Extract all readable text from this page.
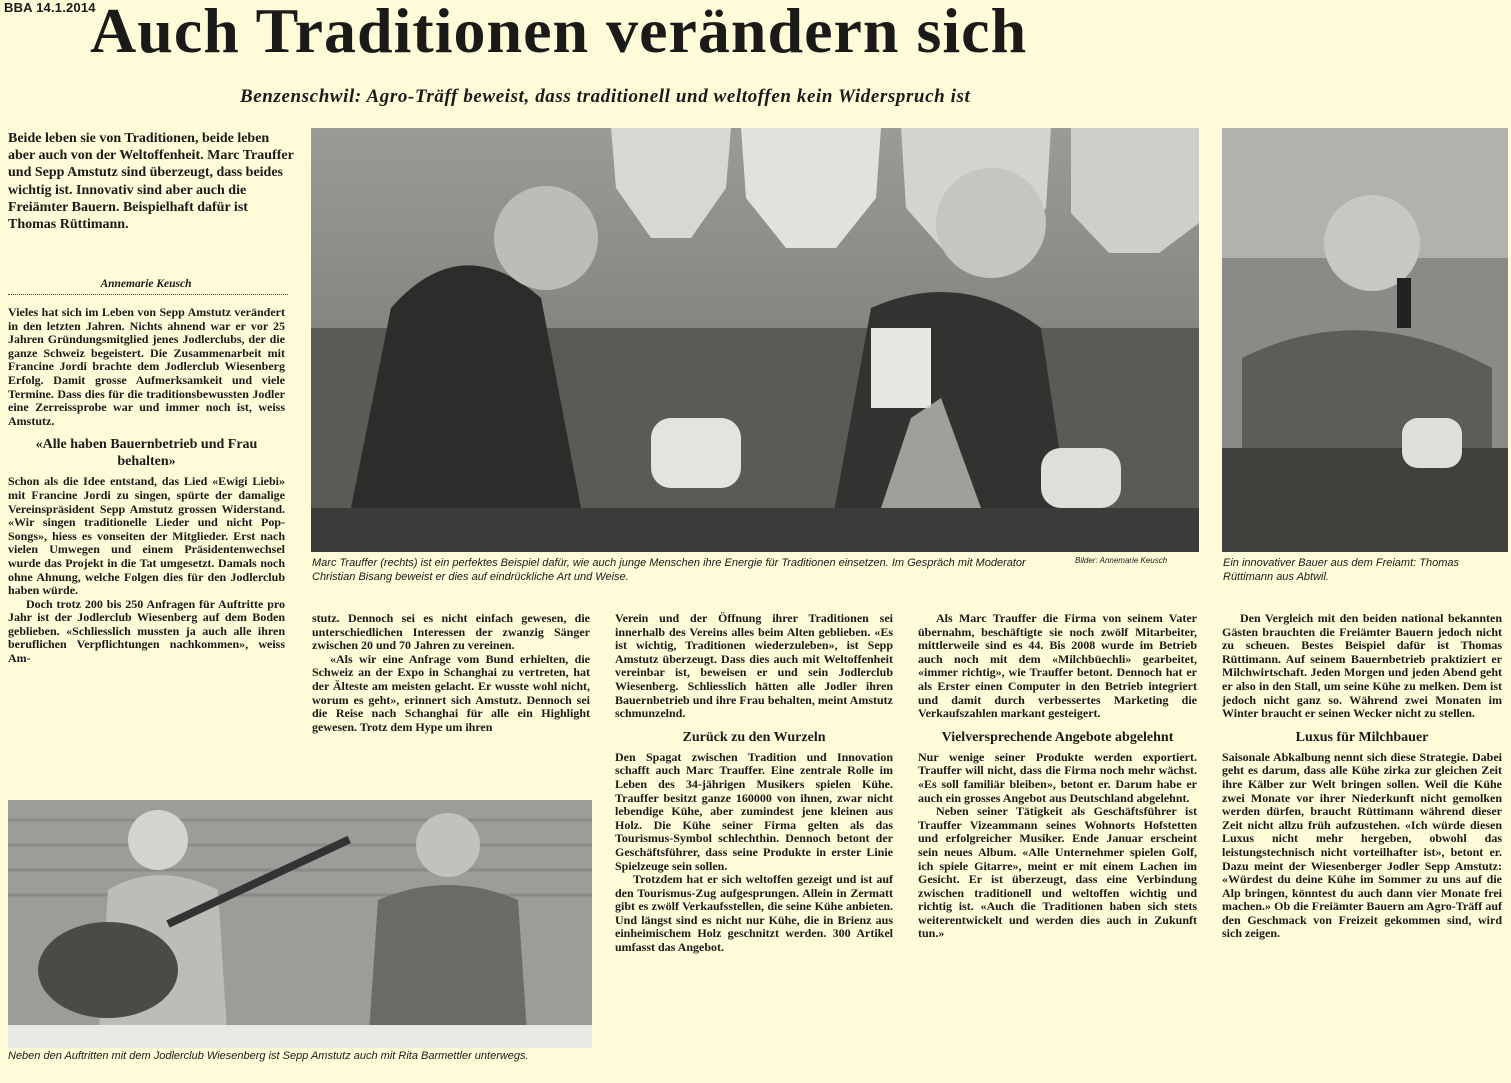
BBA 14.1.2014
Auch Traditionen verändern sich
Benzenschwil: Agro-Träff beweist, dass traditionell und weltoffen kein Widerspruch ist
Beide leben sie von Traditionen, beide leben aber auch von der Weltoffenheit. Marc Trauffer und Sepp Amstutz sind überzeugt, dass beides wichtig ist. Innovativ sind aber auch die Freiämter Bauern. Beispielhaft dafür ist Thomas Rüttimann.
Annemarie Keusch

Vieles hat sich im Leben von Sepp Amstutz verändert in den letzten Jahren. Nichts ahnend war er vor 25 Jahren Gründungsmitglied jenes Jodlerclubs, der die ganze Schweiz begeistert. Die Zusammenarbeit mit Francine Jordi brachte dem Jodlerclub Wiesenberg Erfolg. Damit grosse Aufmerksamkeit und viele Termine. Dass dies für die traditionsbewussten Jodler eine Zerreissprobe war und immer noch ist, weiss Amstutz.

«Alle haben Bauernbetrieb und Frau behalten»

Schon als die Idee entstand, das Lied «Ewigi Liebi» mit Francine Jordi zu singen, spürte der damalige Vereinspräsident Sepp Amstutz grossen Widerstand. «Wir singen traditionelle Lieder und nicht Pop-Songs», hiess es vonseiten der Mitglieder. Erst nach vielen Umwegen und einem Präsidentenwechsel wurde das Projekt in die Tat umgesetzt. Damals noch ohne Ahnung, welche Folgen dies für den Jodlerclub haben würde.

Doch trotz 200 bis 250 Anfragen für Auftritte pro Jahr ist der Jodlerclub Wiesenberg auf dem Boden geblieben. «Schliesslich mussten ja auch alle ihren beruflichen Verpflichtungen nachkommen», weiss Am-

Marc Trauffer (rechts) ist ein perfektes Beispiel dafür, wie auch junge Menschen ihre Energie für Traditionen einsetzen. Im Gespräch mit Moderator Christian Bisang beweist er dies auf eindrückliche Art und Weise.
Bilder: Annemarie Keusch	Ein innovativer Bauer aus dem Freiamt: Thomas Rüttimann aus Abtwil.

stutz. Dennoch sei es nicht einfach gewesen, die unterschiedlichen Interessen der zwanzig Sänger zwischen 20 und 70 Jahren zu vereinen.

«Als wir eine Anfrage vom Bund erhielten, die Schweiz an der Expo in Schanghai zu vertreten, hat der Älteste am meisten gelacht. Er wusste wohl nicht, worum es geht», erinnert sich Amstutz. Dennoch sei die Reise nach Schanghai für alle ein Highlight gewesen. Trotz dem Hype um ihren

Verein und der Öffnung ihrer Traditionen sei innerhalb des Vereins alles beim Alten geblieben. «Es ist wichtig, Traditionen wiederzuleben», ist Sepp Amstutz überzeugt. Dass dies auch mit Weltoffenheit vereinbar ist, beweisen er und sein Jodlerclub Wiesenberg. Schliesslich hätten alle Jodler ihren Bauernbetrieb und ihre Frau behalten, meint Amstutz schmunzelnd.

Zurück zu den Wurzeln

Den Spagat zwischen Tradition und Innovation schafft auch Marc Trauffer. Eine zentrale Rolle im Leben des 34-jährigen Musikers spielen Kühe. Trauffer besitzt ganze 160000 von ihnen, zwar nicht lebendige Kühe, aber zumindest jene kleinen aus Holz. Die Kühe seiner Firma gelten als das Tourismus-Symbol schlechthin. Dennoch betont der Geschäftsführer, dass seine Produkte in erster Linie Spielzeuge sein sollen.

Trotzdem hat er sich weltoffen gezeigt und ist auf den Tourismus-Zug aufgesprungen. Allein in Zermatt gibt es zwölf Verkaufsstellen, die seine Kühe anbieten. Und längst sind es nicht nur Kühe, die in Brienz aus einheimischem Holz geschnitzt werden. 300 Artikel umfasst das Angebot.

Als Marc Trauffer die Firma von seinem Vater übernahm, beschäftigte sie noch zwölf Mitarbeiter, mittlerweile sind es 44. Bis 2008 wurde im Betrieb auch noch mit dem «Milchbüechli» gearbeitet, «immer richtig», wie Trauffer betont. Dennoch hat er als Erster einen Computer in den Betrieb integriert und damit durch verbessertes Marketing die Verkaufszahlen markant gesteigert.

Vielversprechende Angebote abgelehnt

Nur wenige seiner Produkte werden exportiert. Trauffer will nicht, dass die Firma noch mehr wächst. «Es soll familiär bleiben», betont er. Darum habe er auch ein grosses Angebot aus Deutschland abgelehnt.

Neben seiner Tätigkeit als Geschäftsführer ist Trauffer Vizeammann seines Wohnorts Hofstetten und erfolgreicher Musiker. Ende Januar erscheint sein neues Album. «Alle Unternehmer spielen Golf, ich spiele Gitarre», meint er mit einem Lachen im Gesicht. Er ist überzeugt, dass eine Verbindung zwischen traditionell und weltoffen wichtig und richtig ist. «Auch die Traditionen haben sich stets weiterentwickelt und werden dies auch in Zukunft tun.»

Den Vergleich mit den beiden national bekannten Gästen brauchten die Freiämter Bauern jedoch nicht zu scheuen. Bestes Beispiel dafür ist Thomas Rüttimann. Auf seinem Bauernbetrieb praktiziert er Milchwirtschaft. Jeden Morgen und jeden Abend geht er also in den Stall, um seine Kühe zu melken. Dem ist jedoch nicht ganz so. Während zwei Monaten im Winter braucht er seinen Wecker nicht zu stellen.

Luxus für Milchbauer

Saisonale Abkalbung nennt sich diese Strategie. Dabei geht es darum, dass alle Kühe zirka zur gleichen Zeit ihre Kälber zur Welt bringen sollen. Weil die Kühe zwei Monate vor ihrer Niederkunft nicht gemolken werden dürfen, braucht Rüttimann während dieser Zeit nicht allzu früh aufzustehen. «Ich würde diesen Luxus nicht mehr hergeben, obwohl das leistungstechnisch nicht vorteilhafter ist», betont er. Dazu meint der Wiesenberger Jodler Sepp Amstutz: «Würdest du deine Kühe im Sommer zu uns auf die Alp bringen, könntest du auch dann vier Monate frei machen.» Ob die Freiämter Bauern am Agro-Träff auf den Geschmack von Freizeit gekommen sind, wird sich zeigen.

Neben den Auftritten mit dem Jodlerclub Wiesenberg ist Sepp Amstutz auch mit Rita Barmettler unterwegs.
